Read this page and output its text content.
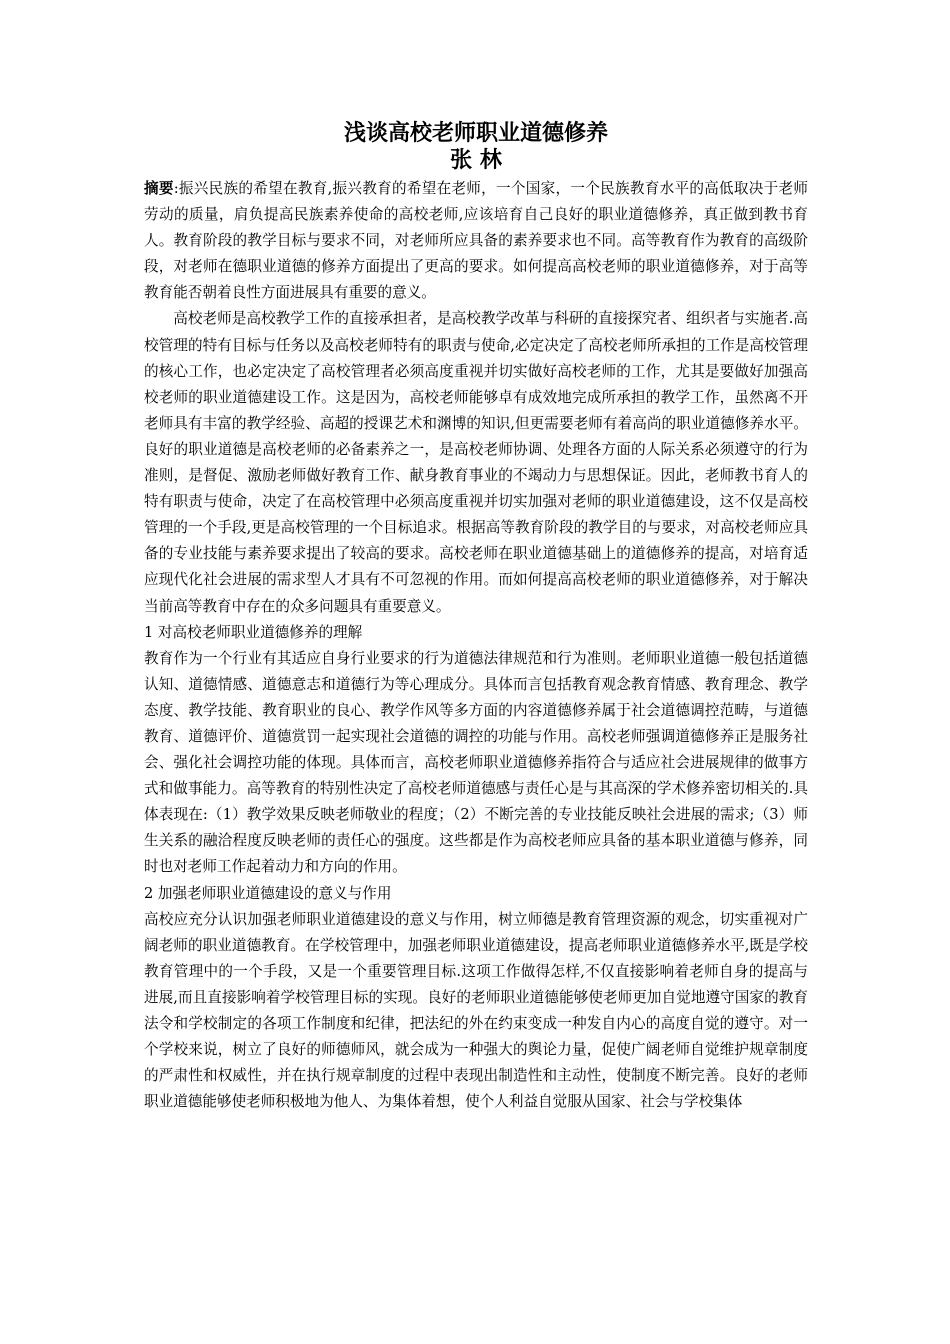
浅谈高校老师职业道德修养
张 林

摘要:振兴民族的希望在教育,振兴教育的希望在老师，一个国家，一个民族教育水平的高低取决于老师劳动的质量，肩负提高民族素养使命的高校老师,应该培育自己良好的职业道德修养，真正做到教书育人。教育阶段的教学目标与要求不同，对老师所应具备的素养要求也不同。高等教育作为教育的高级阶段，对老师在德职业道德的修养方面提出了更高的要求。如何提高高校老师的职业道德修养，对于高等教育能否朝着良性方面进展具有重要的意义。

高校老师是高校教学工作的直接承担者，是高校教学改革与科研的直接探究者、组织者与实施者.高校管理的特有目标与任务以及高校老师特有的职责与使命,必定决定了高校老师所承担的工作是高校管理的核心工作，也必定决定了高校管理者必须高度重视并切实做好高校老师的工作，尤其是要做好加强高校老师的职业道德建设工作。这是因为，高校老师能够卓有成效地完成所承担的教学工作，虽然离不开老师具有丰富的教学经验、高超的授课艺术和渊博的知识,但更需要老师有着高尚的职业道德修养水平。良好的职业道德是高校老师的必备素养之一，是高校老师协调、处理各方面的人际关系必须遵守的行为准则，是督促、激励老师做好教育工作、献身教育事业的不竭动力与思想保证。因此，老师教书育人的特有职责与使命，决定了在高校管理中必须高度重视并切实加强对老师的职业道德建设，这不仅是高校管理的一个手段,更是高校管理的一个目标追求。根据高等教育阶段的教学目的与要求，对高校老师应具备的专业技能与素养要求提出了较高的要求。高校老师在职业道德基础上的道德修养的提高，对培育适应现代化社会进展的需求型人才具有不可忽视的作用。而如何提高高校老师的职业道德修养，对于解决当前高等教育中存在的众多问题具有重要意义。

1 对高校老师职业道德修养的理解

教育作为一个行业有其适应自身行业要求的行为道德法律规范和行为准则。老师职业道德一般包括道德认知、道德情感、道德意志和道德行为等心理成分。具体而言包括教育观念教育情感、教育理念、教学态度、教学技能、教育职业的良心、教学作风等多方面的内容道德修养属于社会道德调控范畴，与道德教育、道德评价、道德赏罚一起实现社会道德的调控的功能与作用。高校老师强调道德修养正是服务社会、强化社会调控功能的体现。具体而言，高校老师职业道德修养指符合与适应社会进展规律的做事方式和做事能力。高等教育的特别性决定了高校老师道德感与责任心是与其高深的学术修养密切相关的.具体表现在:（1）教学效果反映老师敬业的程度；（2）不断完善的专业技能反映社会进展的需求;（3）师生关系的融洽程度反映老师的责任心的强度。这些都是作为高校老师应具备的基本职业道德与修养，同时也对老师工作起着动力和方向的作用。

2 加强老师职业道德建设的意义与作用

高校应充分认识加强老师职业道德建设的意义与作用，树立师德是教育管理资源的观念，切实重视对广阔老师的职业道德教育。在学校管理中，加强老师职业道德建设，提高老师职业道德修养水平,既是学校教育管理中的一个手段，又是一个重要管理目标.这项工作做得怎样,不仅直接影响着老师自身的提高与进展,而且直接影响着学校管理目标的实现。良好的老师职业道德能够使老师更加自觉地遵守国家的教育法令和学校制定的各项工作制度和纪律，把法纪的外在约束变成一种发自内心的高度自觉的遵守。对一个学校来说，树立了良好的师德师风，就会成为一种强大的舆论力量，促使广阔老师自觉维护规章制度的严肃性和权威性，并在执行规章制度的过程中表现出制造性和主动性，使制度不断完善。良好的老师职业道德能够使老师积极地为他人、为集体着想，使个人利益自觉服从国家、社会与学校集体
